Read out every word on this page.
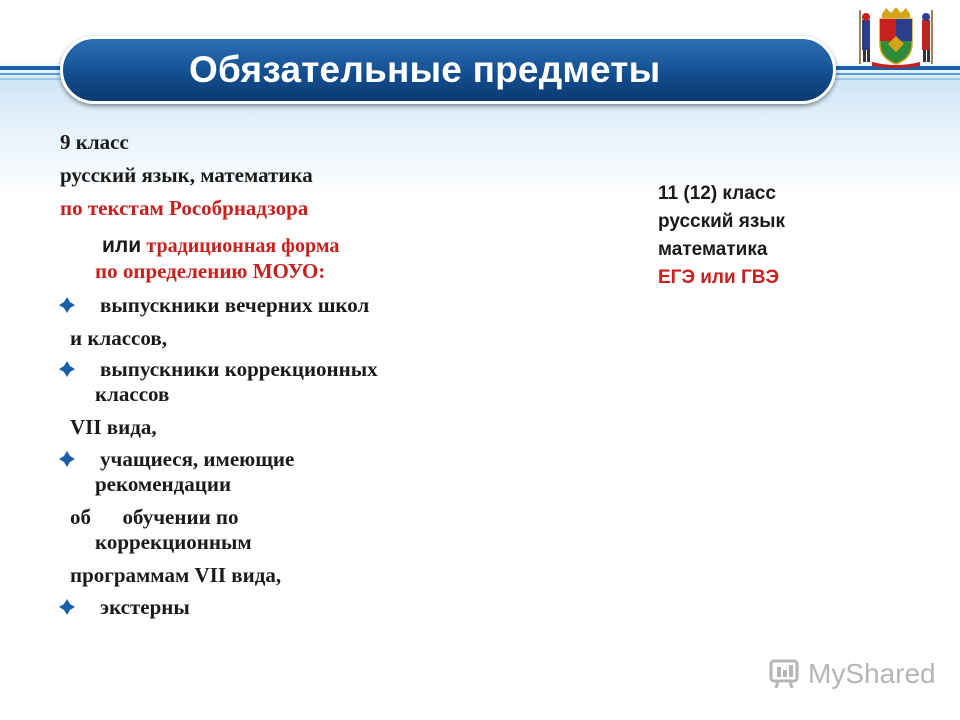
Обязательные предметы
9 класс
русский язык, математика
по текстам Рособрнадзора
или традиционная форма
по определению МОУО:
выпускники вечерних школ
и классов,
выпускники коррекционных
классов
VII вида,
учащиеся, имеющие
рекомендации
об      обучении по
коррекционным
программам VII вида,
экстерны
11 (12) класс
русский язык
математика
ЕГЭ или ГВЭ
MyShared
